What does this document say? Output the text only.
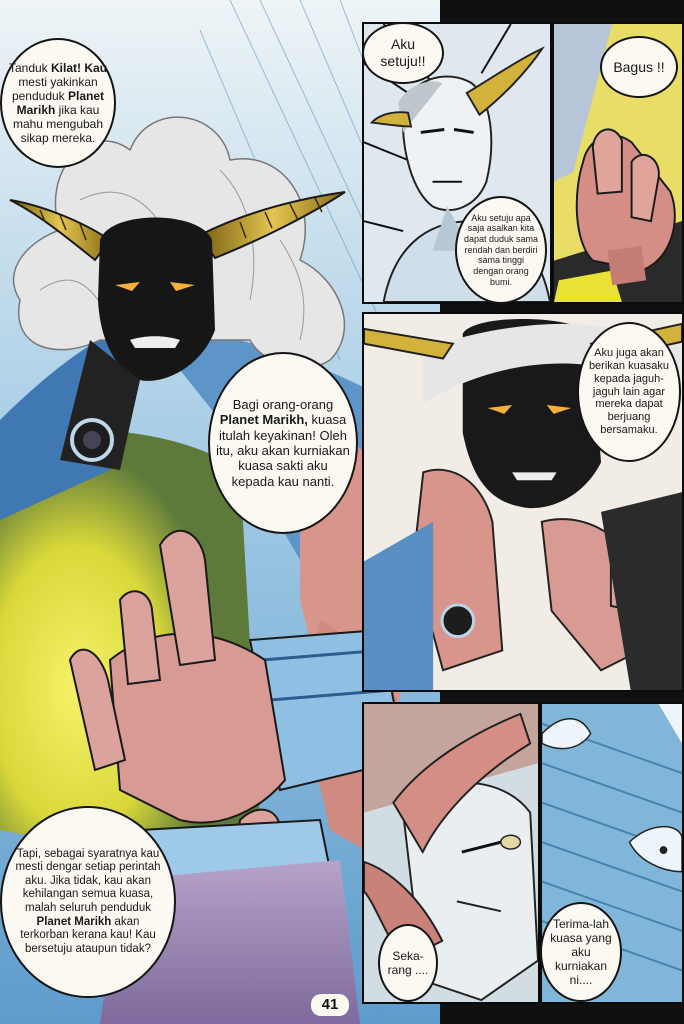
Tanduk Kilat! Kau mesti yakinkan penduduk Planet Marikh jika kau mahu mengubah sikap mereka.
Aku setuju!!	Bagus !!
Aku setuju apa saja asalkan kita dapat duduk sama rendah dan berdiri sama tinggi dengan orang bumi.
Aku juga akan berikan kuasaku kepada jaguh-jaguh lain agar mereka dapat berjuang bersamaku.
Bagi orang-orang Planet Marikh, kuasa itulah keyakinan! Oleh itu, aku akan kurniakan kuasa sakti aku kepada kau nanti.
Tapi, sebagai syaratnya kau mesti dengar setiap perintah aku. Jika tidak, kau akan kehilangan semua kuasa, malah seluruh penduduk Planet Marikh akan terkorban kerana kau! Kau bersetuju ataupun tidak?
Seka-rang ....
Terima-lah kuasa yang aku kurniakan ni....
41
